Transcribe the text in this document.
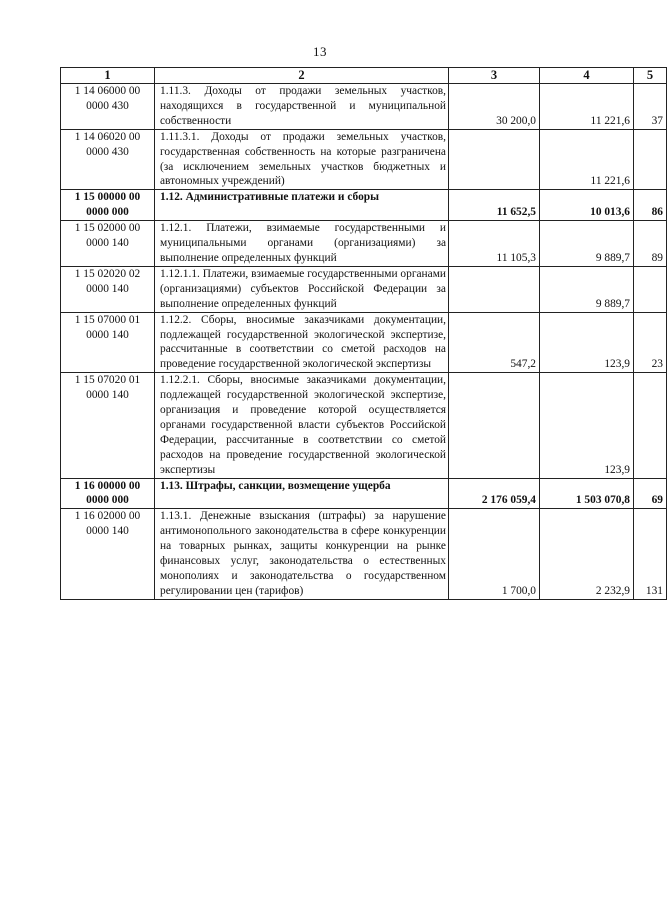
13
1	2	3	4	5
1 14 06000 00 0000 430	1.11.3. Доходы от продажи земельных участков, находящихся в государственной и муниципальной собственности	30 200,0	11 221,6	37
1 14 06020 00 0000 430	1.11.3.1. Доходы от продажи земельных участков, государственная собственность на которые разграничена (за исключением земельных участков бюджетных и автономных учреждений)		11 221,6	
1 15 00000 00 0000 000	1.12. Административные платежи и сборы	11 652,5	10 013,6	86
1 15 02000 00 0000 140	1.12.1. Платежи, взимаемые государственными и муниципальными органами (организациями) за выполнение определенных функций	11 105,3	9 889,7	89
1 15 02020 02 0000 140	1.12.1.1. Платежи, взимаемые государственными органами (организациями) субъектов Российской Федерации за выполнение определенных функций		9 889,7	
1 15 07000 01 0000 140	1.12.2. Сборы, вносимые заказчиками документации, подлежащей государственной экологической экспертизе, рассчитанные в соответствии со сметой расходов на проведение государственной экологической экспертизы	547,2	123,9	23
1 15 07020 01 0000 140	1.12.2.1. Сборы, вносимые заказчиками документации, подлежащей государственной экологической экспертизе, организация и проведение которой осуществляется органами государственной власти субъектов Российской Федерации, рассчитанные в соответствии со сметой расходов на проведение государственной экологической экспертизы		123,9	
1 16 00000 00 0000 000	1.13. Штрафы, санкции, возмещение ущерба	2 176 059,4	1 503 070,8	69
1 16 02000 00 0000 140	1.13.1. Денежные взыскания (штрафы) за нарушение антимонопольного законодательства в сфере конкуренции на товарных рынках, защиты конкуренции на рынке финансовых услуг, законодательства о естественных монополиях и законодательства о государственном регулировании цен (тарифов)	1 700,0	2 232,9	131
